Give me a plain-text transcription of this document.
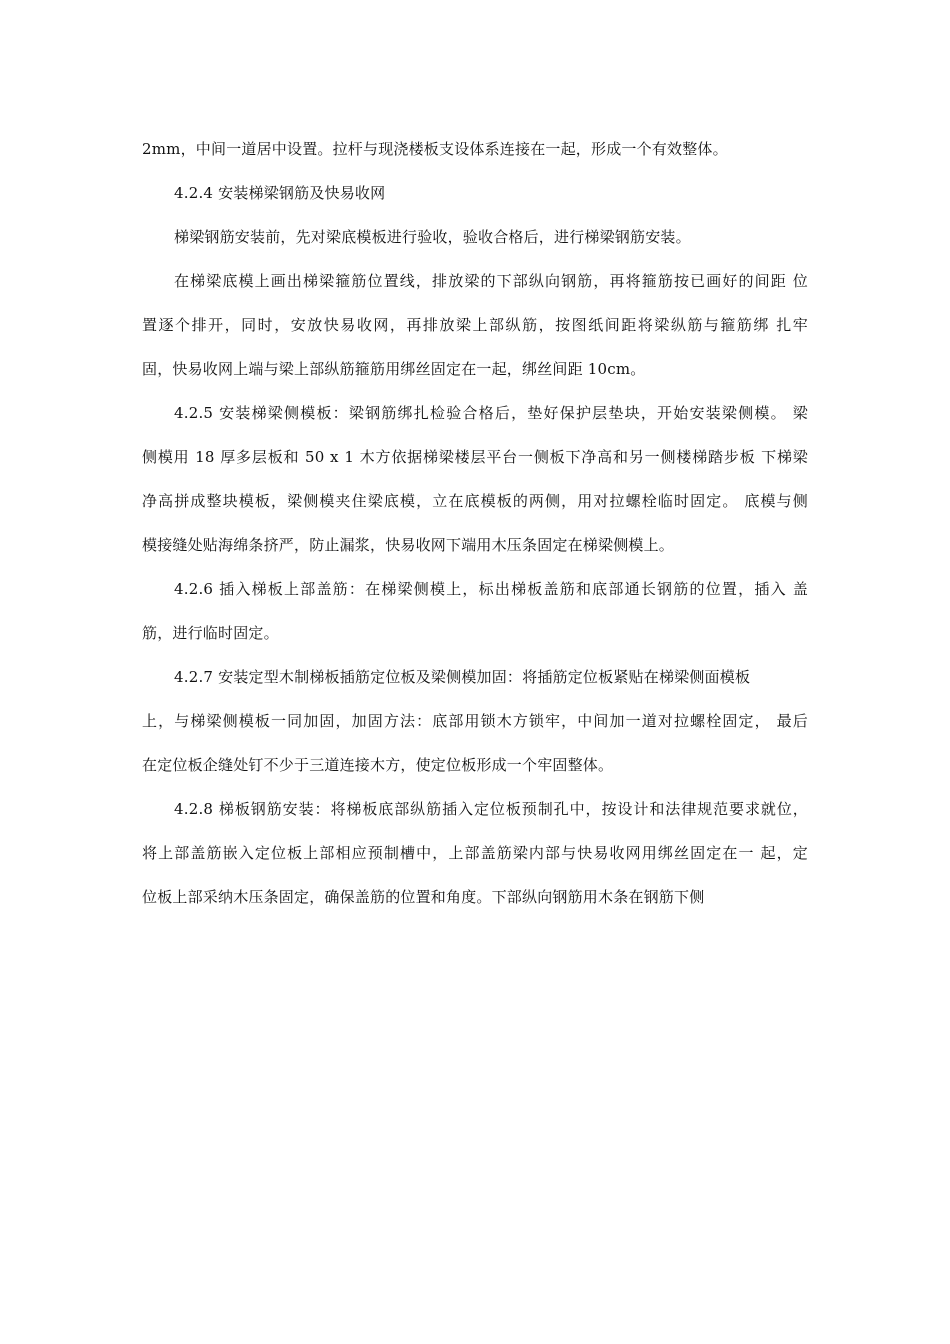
2mm，中间一道居中设置。拉杆与现浇楼板支设体系连接在一起，形成一个有效整体。
4.2.4 安装梯梁钢筋及快易收网
梯梁钢筋安装前，先对梁底模板进行验收，验收合格后，进行梯梁钢筋安装。
在梯梁底模上画出梯梁箍筋位置线，排放梁的下部纵向钢筋，再将箍筋按已画好的间距 位
置逐个排开，同时，安放快易收网，再排放梁上部纵筋，按图纸间距将梁纵筋与箍筋绑 扎牢
固，快易收网上端与梁上部纵筋箍筋用绑丝固定在一起，绑丝间距 10cm。
4.2.5 安装梯梁侧模板：梁钢筋绑扎检验合格后，垫好保护层垫块，开始安装梁侧模。 梁
侧模用 18 厚多层板和 50 x 1 木方依据梯梁楼层平台一侧板下净高和另一侧楼梯踏步板 下梯梁
净高拼成整块模板，梁侧模夹住梁底模，立在底模板的两侧，用对拉螺栓临时固定。 底模与侧
模接缝处贴海绵条挤严，防止漏浆，快易收网下端用木压条固定在梯梁侧模上。
4.2.6 插入梯板上部盖筋：在梯梁侧模上，标出梯板盖筋和底部通长钢筋的位置，插入 盖
筋，进行临时固定。
4.2.7 安装定型木制梯板插筋定位板及梁侧模加固：将插筋定位板紧贴在梯梁侧面模板
上，与梯梁侧模板一同加固，加固方法：底部用锁木方锁牢，中间加一道对拉螺栓固定， 最后
在定位板企缝处钉不少于三道连接木方，使定位板形成一个牢固整体。
4.2.8 梯板钢筋安装：将梯板底部纵筋插入定位板预制孔中，按设计和法律规范要求就位，
将上部盖筋嵌入定位板上部相应预制槽中，上部盖筋梁内部与快易收网用绑丝固定在一 起，定
位板上部采纳木压条固定，确保盖筋的位置和角度。下部纵向钢筋用木条在钢筋下侧
